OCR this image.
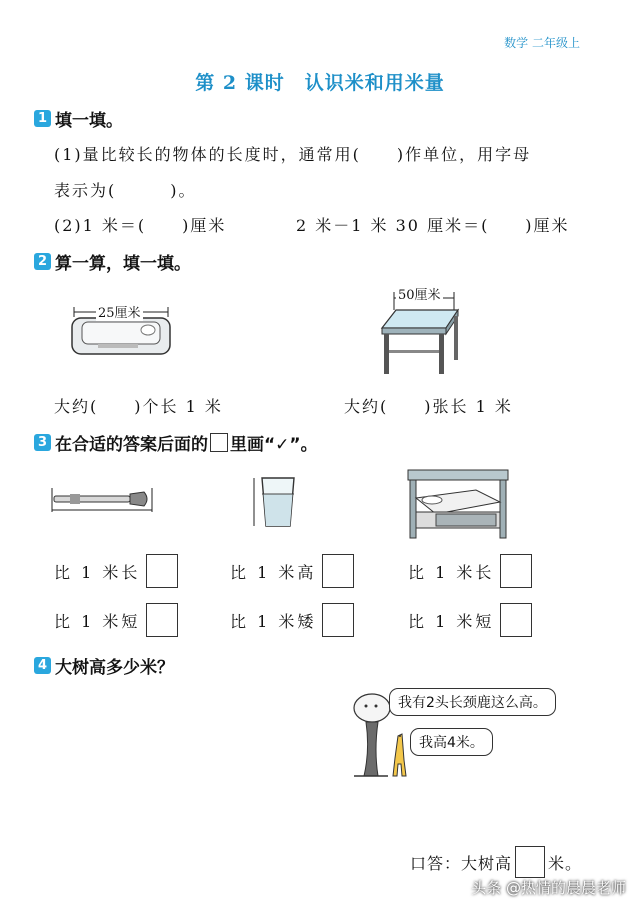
数学 二年级上
第 2 课时　认识米和用米量
1 填一填。
(1)量比较长的物体的长度时，通常用(　　)作单位，用字母
表示为(　　　)。
(2)1 米＝(　　)厘米	2 米－1 米 30 厘米＝(　　)厘米
2 算一算，填一填。
25厘米
50厘米
大约(　　)个长 1 米	大约(　　)张长 1 米
3 在合适的答案后面的 里画“✓”。
比 1 米长
比 1 米短
比 1 米高
比 1 米矮
比 1 米长
比 1 米短
4 大树高多少米？
我有2头长颈鹿这么高。
我高4米。
口答：大树高 米。
头条 @热情的晨晨老师
